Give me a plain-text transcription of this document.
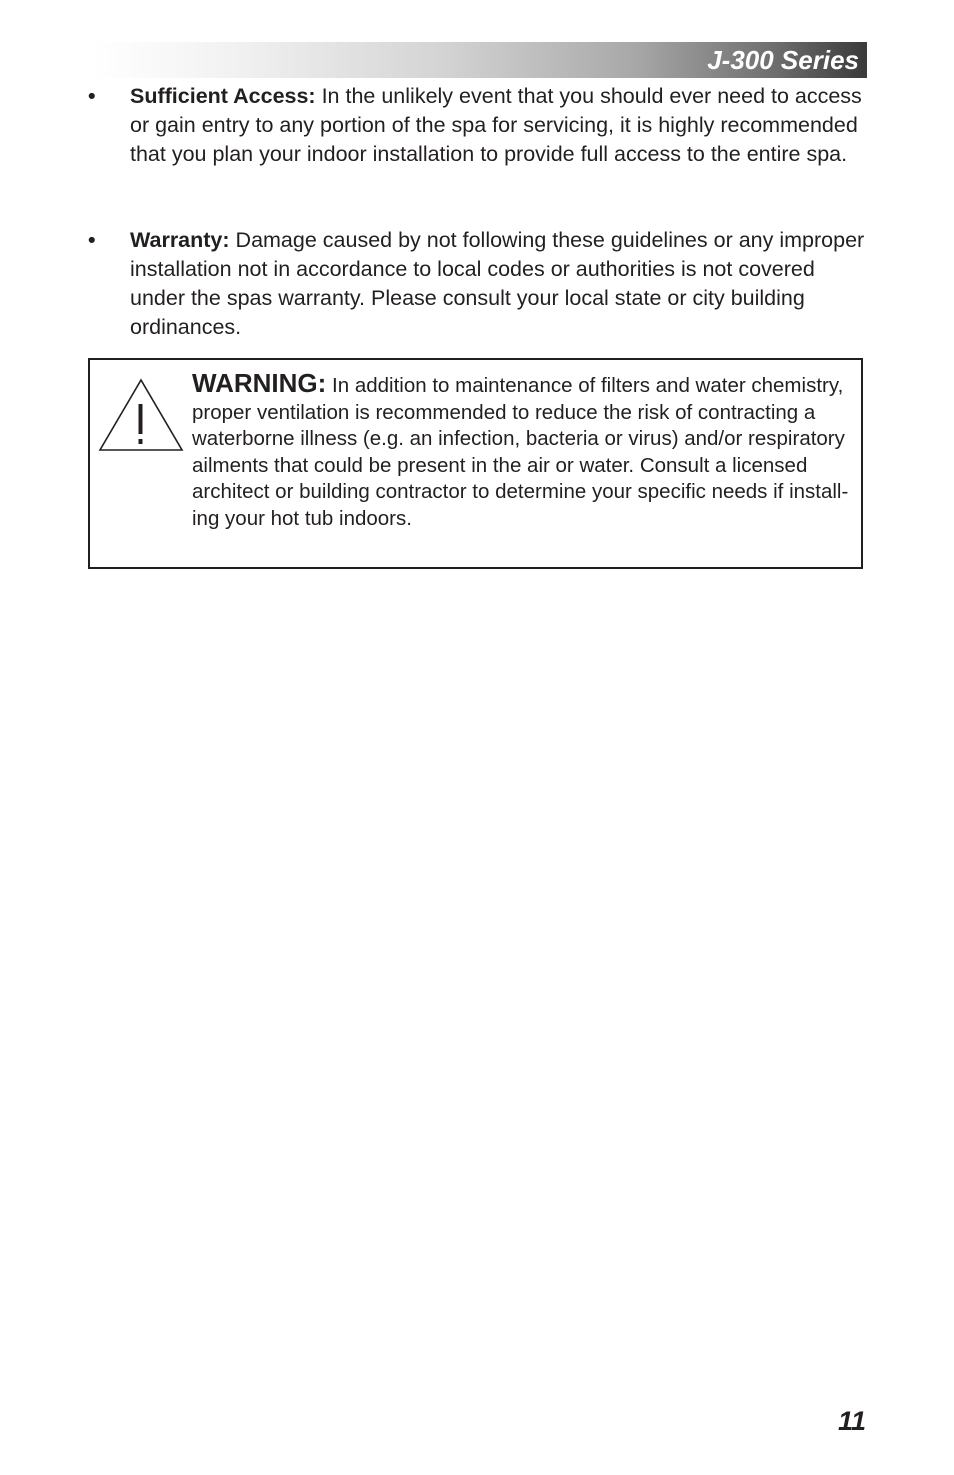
J-300 Series
• Sufficient Access: In the unlikely event that you should ever need to access or gain entry to any portion of the spa for servicing, it is highly recommended that you plan your indoor installation to provide full access to the entire spa.
• Warranty: Damage caused by not following these guidelines or any improper installation not in accordance to local codes or authorities is not covered under the spas warranty. Please consult your local state or city building ordinances.
WARNING: In addition to maintenance of filters and water chemistry, proper ventilation is recommended to reduce the risk of contracting a waterborne illness (e.g. an infection, bacteria or virus) and/or respiratory ailments that could be present in the air or water. Consult a licensed architect or building contractor to determine your specific needs if install-ing your hot tub indoors.
11
